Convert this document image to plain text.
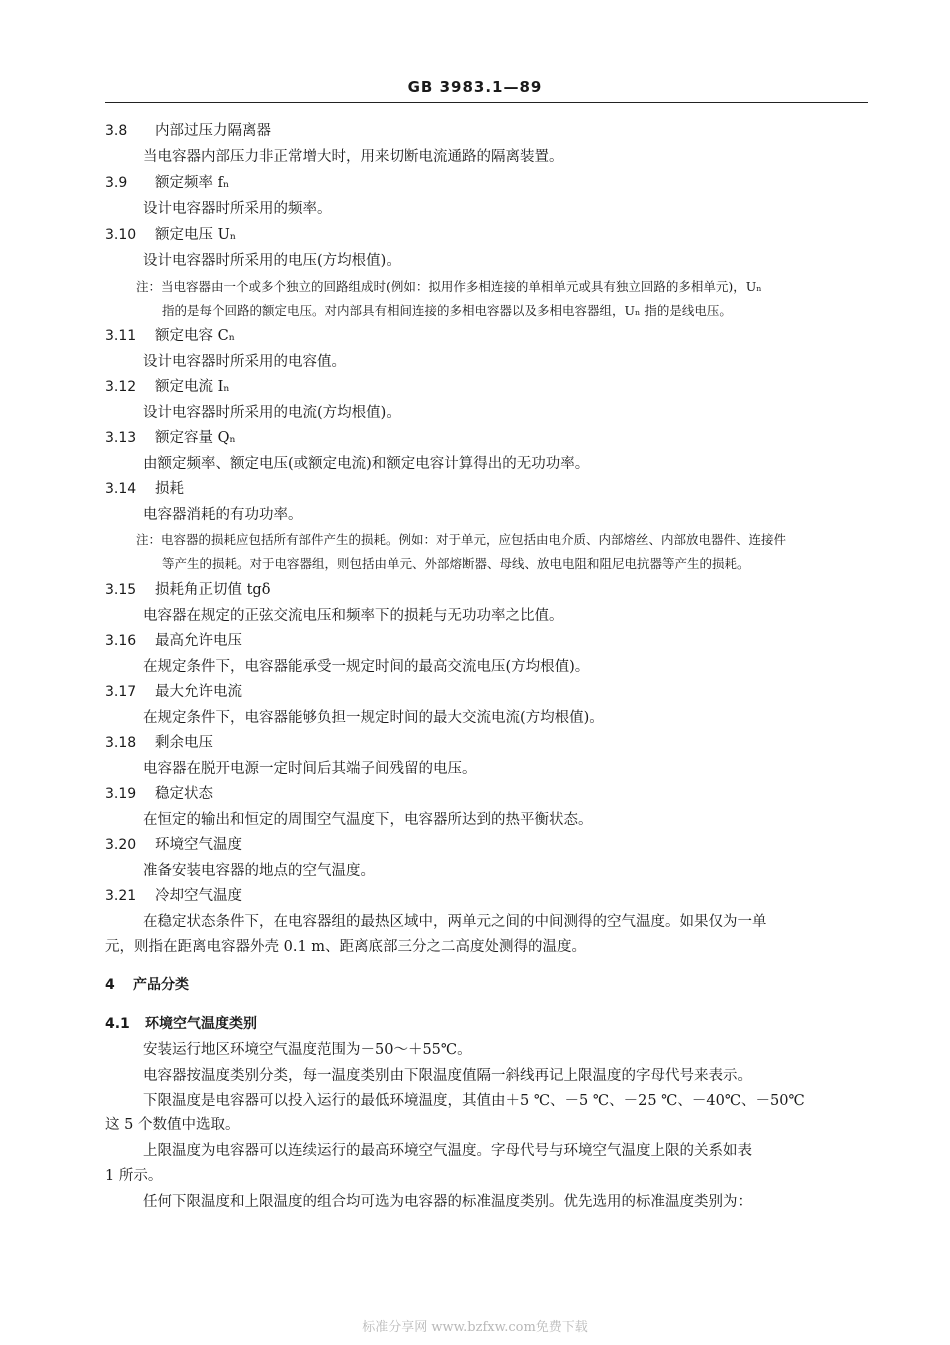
GB 3983.1—89
3.8 内部过压力隔离器
当电容器内部压力非正常增大时，用来切断电流通路的隔离装置。
3.9 额定频率 fₙ
设计电容器时所采用的频率。
3.10 额定电压 Uₙ
设计电容器时所采用的电压(方均根值)。
注：当电容器由一个或多个独立的回路组成时(例如：拟用作多相连接的单相单元或具有独立回路的多相单元)，Uₙ
指的是每个回路的额定电压。对内部具有相间连接的多相电容器以及多相电容器组，Uₙ 指的是线电压。
3.11 额定电容 Cₙ
设计电容器时所采用的电容值。
3.12 额定电流 Iₙ
设计电容器时所采用的电流(方均根值)。
3.13 额定容量 Qₙ
由额定频率、额定电压(或额定电流)和额定电容计算得出的无功功率。
3.14 损耗
电容器消耗的有功功率。
注：电容器的损耗应包括所有部件产生的损耗。例如：对于单元，应包括由电介质、内部熔丝、内部放电器件、连接件
等产生的损耗。对于电容器组，则包括由单元、外部熔断器、母线、放电电阻和阻尼电抗器等产生的损耗。
3.15 损耗角正切值 tgδ
电容器在规定的正弦交流电压和频率下的损耗与无功功率之比值。
3.16 最高允许电压
在规定条件下，电容器能承受一规定时间的最高交流电压(方均根值)。
3.17 最大允许电流
在规定条件下，电容器能够负担一规定时间的最大交流电流(方均根值)。
3.18 剩余电压
电容器在脱开电源一定时间后其端子间残留的电压。
3.19 稳定状态
在恒定的输出和恒定的周围空气温度下，电容器所达到的热平衡状态。
3.20 环境空气温度
准备安装电容器的地点的空气温度。
3.21 冷却空气温度
在稳定状态条件下，在电容器组的最热区域中，两单元之间的中间测得的空气温度。如果仅为一单
元，则指在距离电容器外壳 0.1 m、距离底部三分之二高度处测得的温度。
4 产品分类
4.1 环境空气温度类别
安装运行地区环境空气温度范围为－50～＋55℃。
电容器按温度类别分类，每一温度类别由下限温度值隔一斜线再记上限温度的字母代号来表示。
下限温度是电容器可以投入运行的最低环境温度，其值由＋5 ℃、－5 ℃、－25 ℃、－40℃、－50℃
这 5 个数值中选取。
上限温度为电容器可以连续运行的最高环境空气温度。字母代号与环境空气温度上限的关系如表
1 所示。
任何下限温度和上限温度的组合均可选为电容器的标准温度类别。优先选用的标准温度类别为：
标准分享网 www.bzfxw.com免费下载
